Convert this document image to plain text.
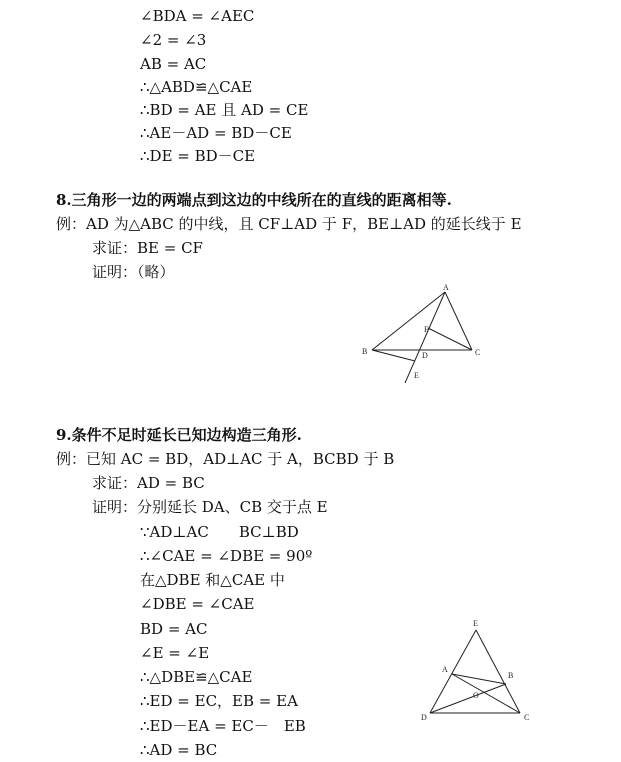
∠BDA = ∠AEC
∠2 = ∠3
AB = AC
∴△ABD≌△CAE
∴BD = AE 且 AD = CE
∴AE－AD = BD－CE
∴DE = BD－CE
8.三角形一边的两端点到这边的中线所在的直线的距离相等.
例：AD 为△ABC 的中线，且 CF⊥AD 于 F，BE⊥AD 的延长线于 E
求证：BE = CF
证明：（略）
A
B	C
D
E
F
9.条件不足时延长已知边构造三角形.
例：已知 AC = BD，AD⊥AC 于 A，BCBD 于 B
求证：AD = BC
证明：分别延长 DA、CB 交于点 E
∵AD⊥AC　　BC⊥BD
∴∠CAE = ∠DBE = 90º
在△DBE 和△CAE 中
∠DBE = ∠CAE
BD = AC
∠E = ∠E
∴△DBE≌△CAE
∴ED = EC，EB = EA
∴ED－EA = EC－　EB
∴AD = BC
E
A
B
O
D	C
